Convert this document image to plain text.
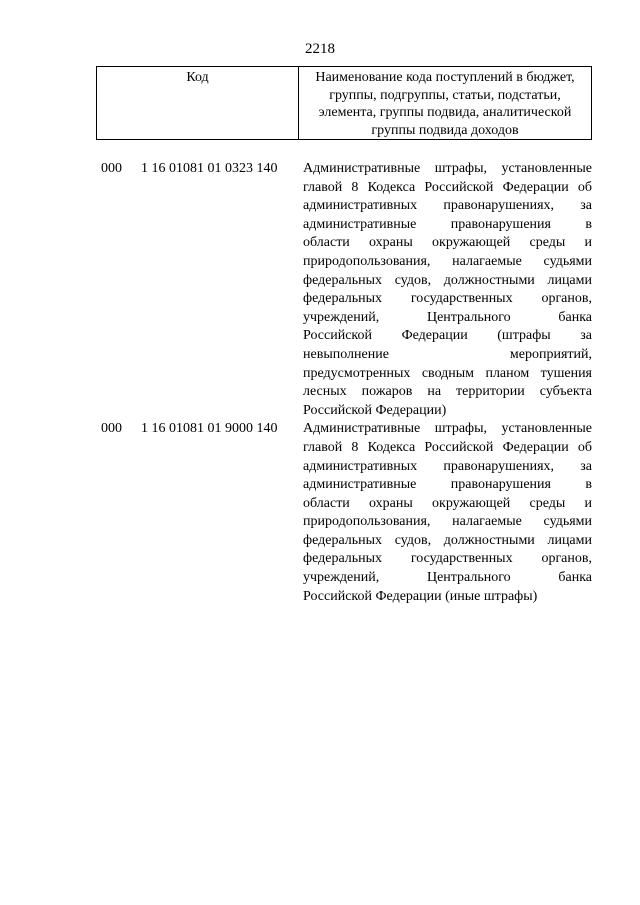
2218
Код	Наименование кода поступлений в бюджет,
группы, подгруппы, статьи, подстатьи,
элемента, группы подвида, аналитической
группы подвида доходов
000	1 16 01081 01 0323 140	Административные штрафы, установленные
главой 8 Кодекса Российской Федерации об
административных правонарушениях, за
административные правонарушения в
области охраны окружающей среды и
природопользования, налагаемые судьями
федеральных судов, должностными лицами
федеральных государственных органов,
учреждений, Центрального банка
Российской Федерации (штрафы за
невыполнение мероприятий,
предусмотренных сводным планом тушения
лесных пожаров на территории субъекта
Российской Федерации)
000	1 16 01081 01 9000 140	Административные штрафы, установленные
главой 8 Кодекса Российской Федерации об
административных правонарушениях, за
административные правонарушения в
области охраны окружающей среды и
природопользования, налагаемые судьями
федеральных судов, должностными лицами
федеральных государственных органов,
учреждений, Центрального банка
Российской Федерации (иные штрафы)
